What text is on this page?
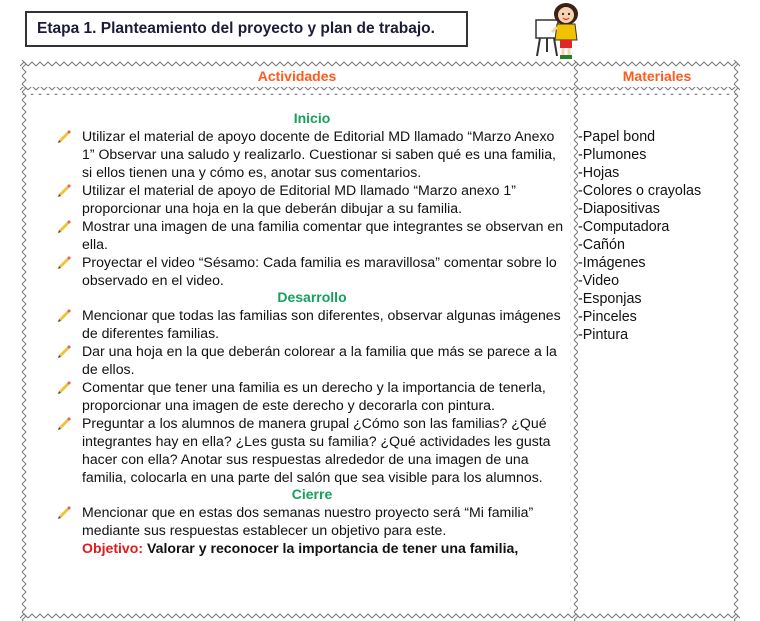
Etapa 1. Planteamiento del proyecto y plan de trabajo.
Actividades	Materiales
Inicio
Utilizar el material de apoyo docente de Editorial MD llamado “Marzo Anexo 1” Observar una saludo y realizarlo. Cuestionar si saben qué es una familia, si ellos tienen una y cómo es, anotar sus comentarios.
Utilizar el material de apoyo de Editorial MD llamado “Marzo anexo 1” proporcionar una hoja en la que deberán dibujar a su familia.
Mostrar una imagen de una familia comentar que integrantes se observan en ella.
Proyectar el video “Sésamo: Cada familia es maravillosa” comentar sobre lo observado en el video.
Desarrollo
Mencionar que todas las familias son diferentes, observar algunas imágenes de diferentes familias.
Dar una hoja en la que deberán colorear a la familia que más se parece a la de ellos.
Comentar que tener una familia es un derecho y la importancia de tenerla, proporcionar una imagen de este derecho y decorarla con pintura.
Preguntar a los alumnos de manera grupal ¿Cómo son las familias? ¿Qué integrantes hay en ella? ¿Les gusta su familia? ¿Qué actividades les gusta hacer con ella? Anotar sus respuestas alrededor de una imagen de una familia, colocarla en una parte del salón que sea visible para los alumnos.
Cierre
Mencionar que en estas dos semanas nuestro proyecto será “Mi familia” mediante sus respuestas establecer un objetivo para este.
Objetivo: Valorar y reconocer la importancia de tener una familia,
-Papel bond
-Plumones
-Hojas
-Colores o crayolas
-Diapositivas
-Computadora
-Cañón
-Imágenes
-Video
-Esponjas
-Pinceles
-Pintura
